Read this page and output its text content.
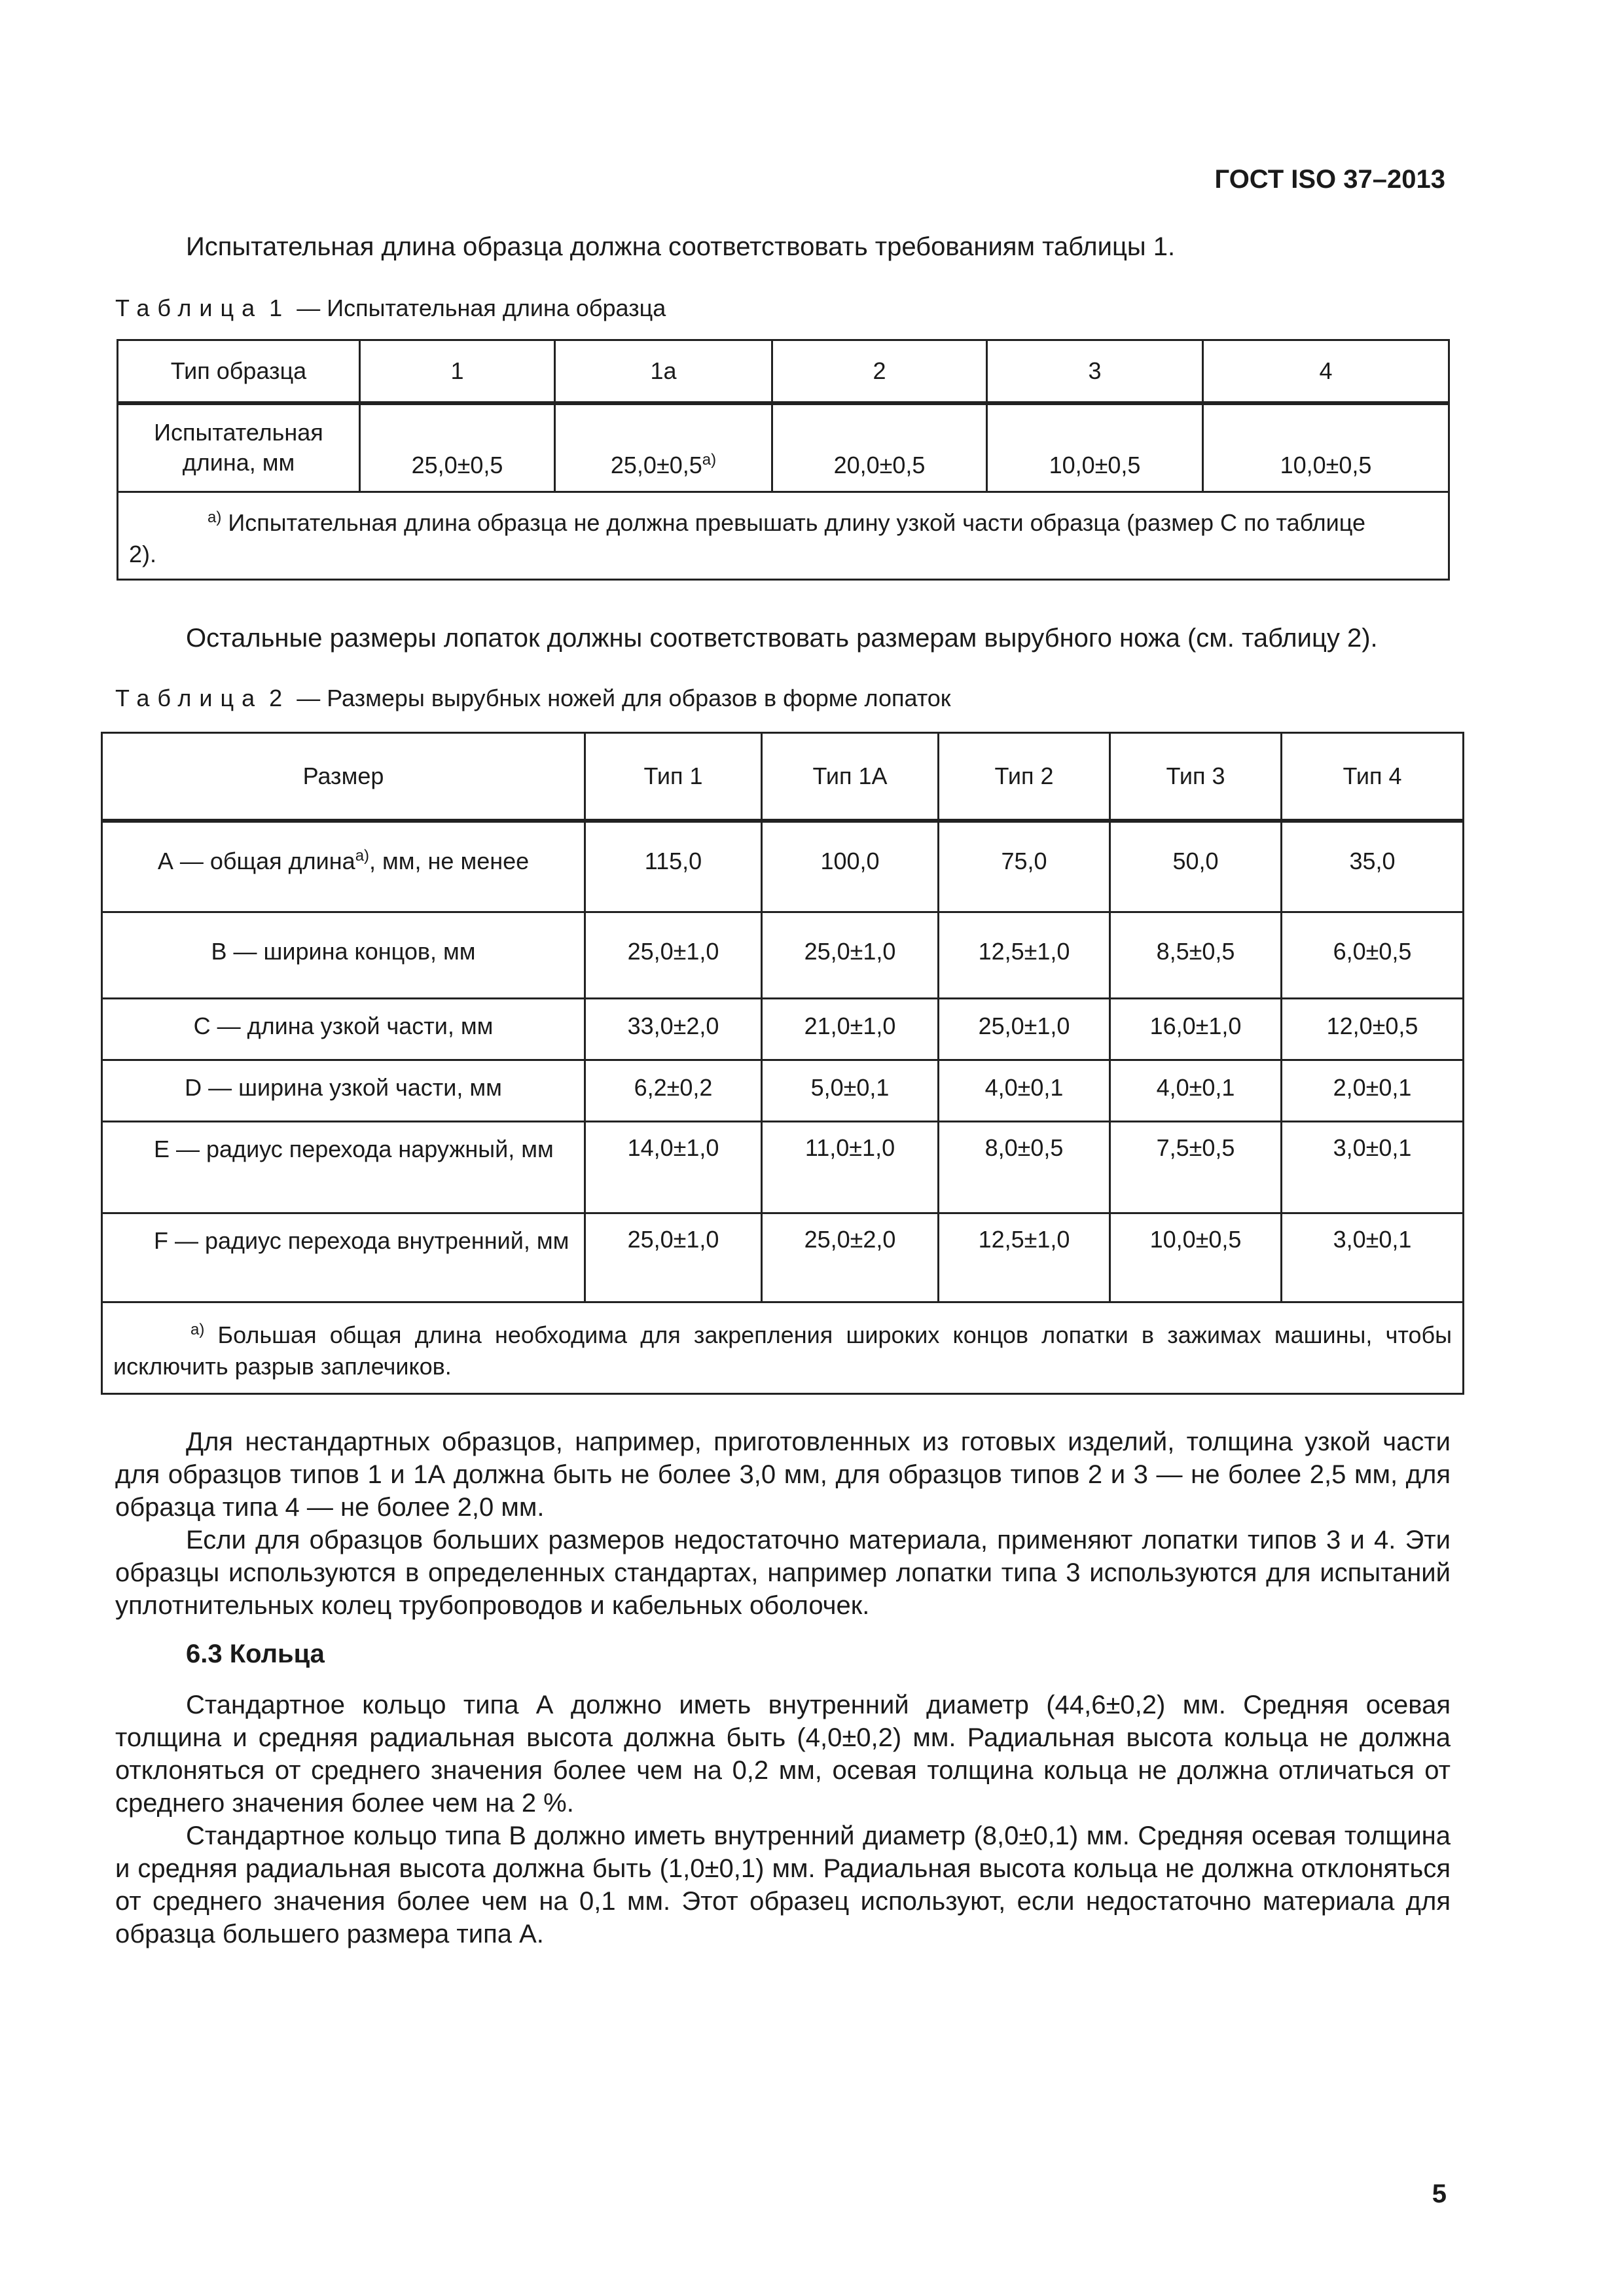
ГОСТ ISO 37–2013
Испытательная длина образца должна соответствовать требованиям таблицы 1.
Таблица 1 — Испытательная длина образца
Тип образца	1	1а	2	3	4
Испытательная длина, мм	25,0±0,5	$25,0\pm 0,5^{a)}$	20,0±0,5	10,0±0,5	10,0±0,5
$^{a)}$ Испытательная длина образца не должна превышать длину узкой части образца (размер С по таблице
2).					
Остальные размеры лопаток должны соответствовать размерам вырубного ножа (см. таблицу 2).
Таблица 2 — Размеры вырубных ножей для образов в форме лопаток
Размер	Тип 1	Тип 1А	Тип 2	Тип 3	Тип 4
А — общая длина$^{a)}$, мм, не менее	115,0	100,0	75,0	50,0	35,0
В — ширина концов, мм	25,0±1,0	25,0±1,0	12,5±1,0	8,5±0,5	6,0±0,5
С — длина узкой части, мм	33,0±2,0	21,0±1,0	25,0±1,0	16,0±1,0	12,0±0,5
D — ширина узкой части, мм	6,2±0,2	5,0±0,1	4,0±0,1	4,0±0,1	2,0±0,1
Е — радиус перехода наружный, мм	14,0±1,0	11,0±1,0	8,0±0,5	7,5±0,5	3,0±0,1
F — радиус перехода внутренний, мм	25,0±1,0	25,0±2,0	12,5±1,0	10,0±0,5	3,0±0,1
$^{a)}$ Большая общая длина необходима для закрепления широких концов лопатки в зажимах машины, чтобы исключить разрыв заплечиков.					
Для нестандартных образцов, например, приготовленных из готовых изделий, толщина узкой части для образцов типов 1 и 1А должна быть не более 3,0 мм, для образцов типов 2 и 3 — не более 2,5 мм, для образца типа 4 — не более 2,0 мм.
Если для образцов больших размеров недостаточно материала, применяют лопатки типов 3 и 4. Эти образцы используются в определенных стандартах, например лопатки типа 3 используются для испытаний уплотнительных колец трубопроводов и кабельных оболочек.
6.3 Кольца
Стандартное кольцо типа А должно иметь внутренний диаметр (44,6±0,2) мм. Средняя осевая толщина и средняя радиальная высота должна быть (4,0±0,2) мм. Радиальная высота кольца не должна отклоняться от среднего значения более чем на 0,2 мм, осевая толщина кольца не должна отличаться от среднего значения более чем на 2 %.
Стандартное кольцо типа В должно иметь внутренний диаметр (8,0±0,1) мм. Средняя осевая толщина и средняя радиальная высота должна быть (1,0±0,1) мм. Радиальная высота кольца не должна отклоняться от среднего значения более чем на 0,1 мм. Этот образец используют, если недостаточно материала для образца большего размера типа А.
5
